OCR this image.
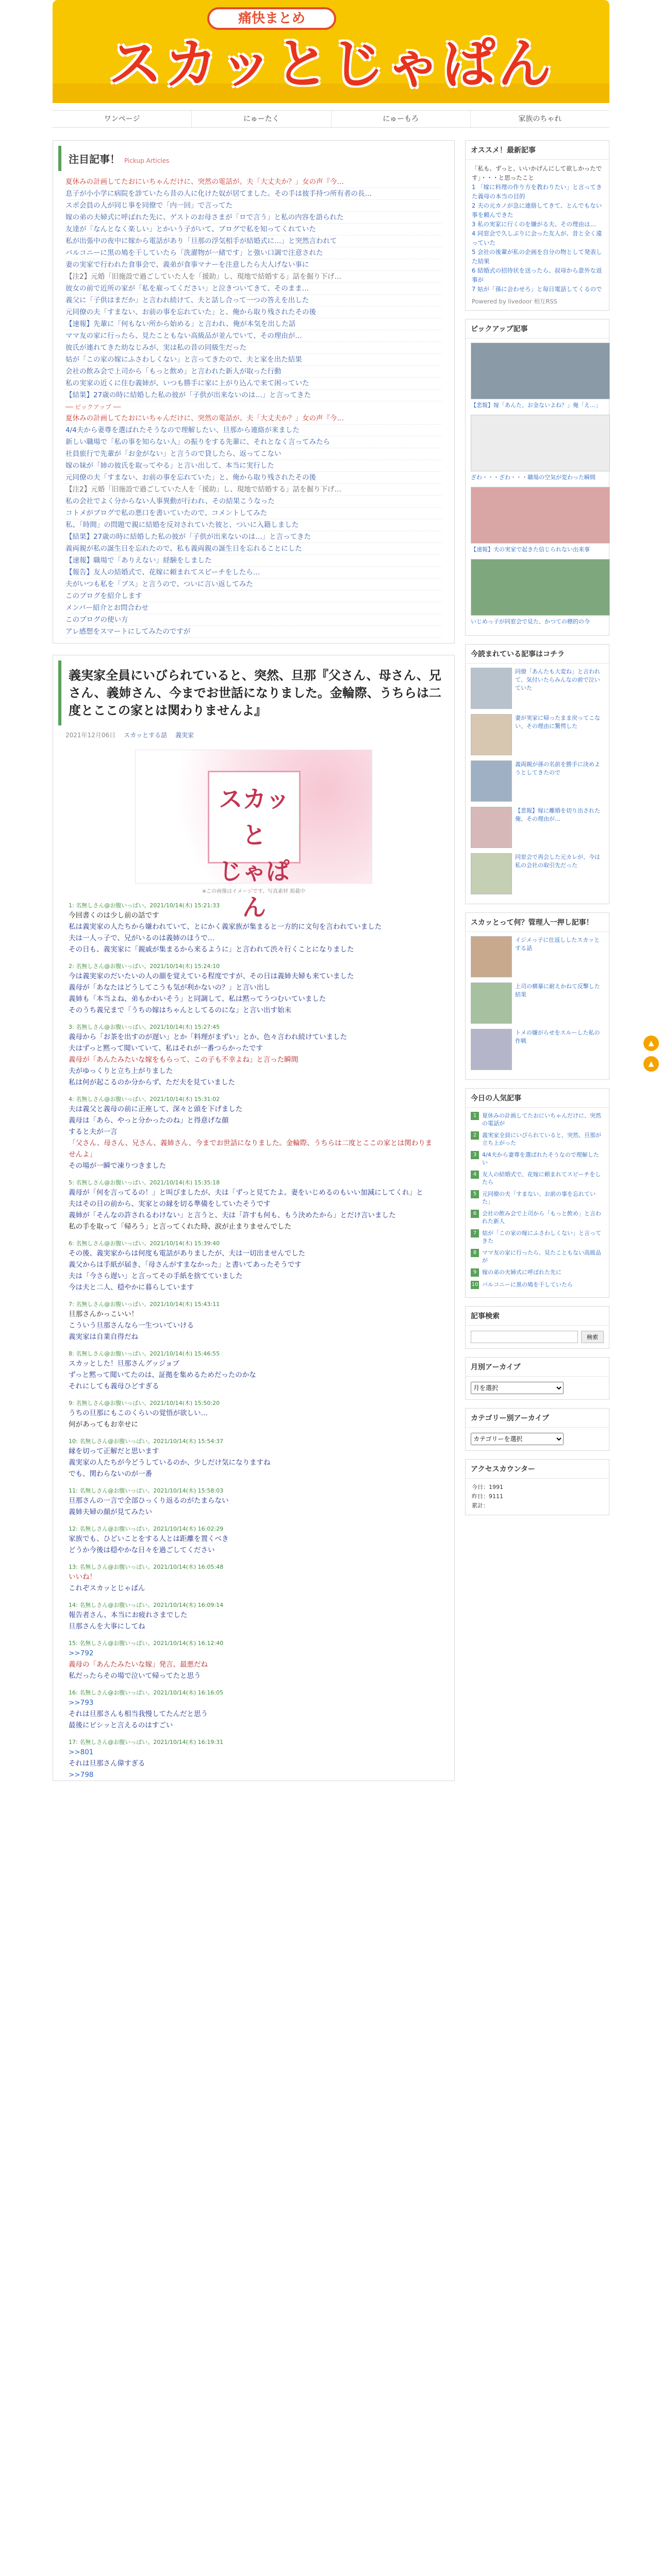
痛快まとめ
スカッとじゃぱん
ワンページ	にゅーたく	にゅーもろ	家族のちゃれ
注目記事！ Pickup Articles
夏休みの計画してたおにいちゃんだけに、突然の電話が。夫「大丈夫か？」女の声『今…
息子が小小学に病院を診ていたら昔の人に化けた奴が居てました。その手は彼手持つ所有者の長…
スポ会員の人が同じ事を同僚で「内一回」で言ってた
嫁の弟の夫婦式に呼ばれた先に、ゲストのお母さまが「ロで言う」と私の内容を語られた
友達が「なんとなく楽しい」とかいう子がいて、ブログで私を知ってくれていた
私が出張中の夜中に嫁から電話があり「旦那の浮気相手が結婚式に…」と突然言われて
バルコニーに黒の鳩を干していたら「洗濯物が一緒です」と強い口調で注意された
妻の実家で行われた食事会で、義弟が食事マナーを注意したら大人げない事に
【注2】元婚「旧施設で過ごしていた人を「援助」し、現地で結婚する」話を掘り下げ…
彼女の前で近所の家が「私を雇ってください」と泣きついてきて、そのまま…
義父に「子供はまだか」と言われ続けて、夫と話し合って一つの答えを出した
元同僚の夫「すまない、お前の事を忘れていた」と、俺から取り残されたその後
【速報】先輩に「何もない所から始める」と言われ、俺が本気を出した話
ママ友の家に行ったら、見たこともない高級品が並んでいて、その理由が…
彼氏が連れてきた幼なじみが、実は私の昔の同級生だった
姑が「この家の嫁にふさわしくない」と言ってきたので、夫と家を出た結果
会社の飲み会で上司から「もっと飲め」と言われた新人が取った行動
私の実家の近くに住む義姉が、いつも勝手に家に上がり込んで来て困っていた
【結果】27歳の時に結婚した私の彼が「子供が出来ないのは…」と言ってきた
── ピックアップ ──
夏休みの計画してたおにいちゃんだけに、突然の電話が。夫「大丈夫か？」女の声『今…
4/4夫から妻尊を選ばれたそうなので理解したい、旦那から連絡が来ました
新しい職場で「私の事を知らない人」の振りをする先輩に、それとなく言ってみたら
社員旅行で先輩が「お金がない」と言うので貸したら、返ってこない
嫁の妹が「姉の彼氏を取ってやる」と言い出して、本当に実行した
元同僚の夫「すまない、お前の事を忘れていた」と、俺から取り残されたその後
【注2】元婚「旧施設で過ごしていた人を「援助」し、現地で結婚する」話を掘り下げ…
私の会社でよく分からない人事異動が行われ、その結果こうなった
コトメがブログで私の悪口を書いていたので、コメントしてみた
私、「時間」の問題で親に結婚を反対されていた彼と、ついに入籍しました
【結果】27歳の時に結婚した私の彼が「子供が出来ないのは…」と言ってきた
義両親が私の誕生日を忘れたので、私も義両親の誕生日を忘れることにした
【速報】職場で「ありえない」経験をしました
【報告】友人の結婚式で、花嫁に頼まれてスピーチをしたら…
夫がいつも私を「ブス」と言うので、ついに言い返してみた
このブログを紹介します
メンバー紹介とお問合わせ
このブログの使い方
アレ感想をスマートにしてみたのですが
義実家全員にいびられていると、突然、旦那『父さん、母さん、兄さん、義姉さん、今までお世話になりました。金輪際、うちらは二度とここの家とは関わりませんよ』
2021年12月06日 スカッとする話 義実家
スカッと
じゃぱん
※この画像はイメージです。写真素材 掲載中
1: 名無しさん@お腹いっぱい。2021/10/14(木) 15:21:33

今回書くのは少し前の話です

私は義実家の人たちから嫌われていて、とにかく義家族が集まると一方的に文句を言われていました

夫は一人っ子で、兄がいるのは義姉のほうで…

その日も、義実家に「親戚が集まるから来るように」と言われて渋々行くことになりました

2: 名無しさん@お腹いっぱい。2021/10/14(木) 15:24:10

今は義実家のだいたいの人の顔を覚えている程度ですが、その日は義姉夫婦も来ていました

義母が「あなたはどうしてこうも気が利かないの？」と言い出し

義姉も「本当よね、弟もかわいそう」と同調して、私は黙ってうつむいていました

そのうち義兄まで「うちの嫁はちゃんとしてるのにな」と言い出す始末

3: 名無しさん@お腹いっぱい。2021/10/14(木) 15:27:45

義母から「お茶を出すのが遅い」とか「料理がまずい」とか、色々言われ続けていました

夫はずっと黙って聞いていて、私はそれが一番つらかったです

義母が「あんたみたいな嫁をもらって、この子も不幸よね」と言った瞬間

夫がゆっくりと立ち上がりました

私は何が起こるのか分からず、ただ夫を見ていました

4: 名無しさん@お腹いっぱい。2021/10/14(木) 15:31:02

夫は義父と義母の前に正座して、深々と頭を下げました

義母は「あら、やっと分かったのね」と得意げな顔

すると夫が一言

「父さん、母さん、兄さん、義姉さん、今までお世話になりました。金輪際、うちらは二度とここの家とは関わりませんよ」

その場が一瞬で凍りつきました

5: 名無しさん@お腹いっぱい。2021/10/14(木) 15:35:18

義母が「何を言ってるの！」と叫びましたが、夫は「ずっと見てたよ。妻をいじめるのもいい加減にしてくれ」と

夫はその日の前から、実家との縁を切る準備をしていたそうです

義姉が「そんなの許されるわけない」と言うと、夫は「許すも何も、もう決めたから」とだけ言いました

私の手を取って「帰ろう」と言ってくれた時、涙が止まりませんでした

6: 名無しさん@お腹いっぱい。2021/10/14(木) 15:39:40

その後、義実家からは何度も電話がありましたが、夫は一切出ませんでした

義父からは手紙が届き、「母さんがすまなかった」と書いてあったそうです

夫は「今さら遅い」と言ってその手紙を捨てていました

今は夫と二人、穏やかに暮らしています

7: 名無しさん@お腹いっぱい。2021/10/14(木) 15:43:11

旦那さんかっこいい！

こういう旦那さんなら一生ついていける

義実家は自業自得だね

8: 名無しさん@お腹いっぱい。2021/10/14(木) 15:46:55

スカッとした！旦那さんグッジョブ

ずっと黙って聞いてたのは、証拠を集めるためだったのかな

それにしても義母ひどすぎる

9: 名無しさん@お腹いっぱい。2021/10/14(木) 15:50:20

うちの旦那にもこのくらいの覚悟が欲しい…

何があってもお幸せに

10: 名無しさん@お腹いっぱい。2021/10/14(木) 15:54:37

縁を切って正解だと思います

義実家の人たちが今どうしているのか、少しだけ気になりますね

でも、関わらないのが一番

11: 名無しさん@お腹いっぱい。2021/10/14(木) 15:58:03

旦那さんの一言で全部ひっくり返るのがたまらない

義姉夫婦の顔が見てみたい

12: 名無しさん@お腹いっぱい。2021/10/14(木) 16:02:29

家族でも、ひどいことをする人とは距離を置くべき

どうか今後は穏やかな日々を過ごしてください

13: 名無しさん@お腹いっぱい。2021/10/14(木) 16:05:48

いいね！

これぞスカッとじゃぱん

14: 名無しさん@お腹いっぱい。2021/10/14(木) 16:09:14

報告者さん、本当にお疲れさまでした

旦那さんを大事にしてね

15: 名無しさん@お腹いっぱい。2021/10/14(木) 16:12:40

>>792

義母の「あんたみたいな嫁」発言、最悪だね

私だったらその場で泣いて帰ってたと思う

16: 名無しさん@お腹いっぱい。2021/10/14(木) 16:16:05

>>793

それは旦那さんも相当我慢してたんだと思う

最後にビシッと言えるのはすごい

17: 名無しさん@お腹いっぱい。2021/10/14(木) 16:19:31

>>801

それは旦那さん偉すぎる

>>798

オススメ！最新記事
「私も、ずっと、いいかげんにして欲しかったです」・・・と思ったこと
1 「嫁に料理の作り方を教わりたい」と言ってきた義母の本当の目的
2 夫の元カノが急に連絡してきて、とんでもない事を頼んできた
3 私の実家に行くのを嫌がる夫、その理由は…
4 同窓会で久しぶりに会った友人が、昔と全く違っていた
5 会社の後輩が私の企画を自分の物として発表した結果
6 結婚式の招待状を送ったら、叔母から意外な返事が
7 姑が「孫に会わせろ」と毎日電話してくるので
Powered by livedoor 相互RSS
ピックアップ記事
【悲報】嫁「あんた、お金ないよね？」俺「え…」
ざわ・・・ざわ・・・職場の空気が変わった瞬間
【速報】夫の実家で起きた信じられない出来事
いじめっ子が同窓会で見た、かつての標的の今
今読まれている記事はコチラ
同僚「あんたも大変ね」と言われて、気付いたらみんなの前で泣いていた
妻が実家に帰ったまま戻ってこない、その理由に驚愕した
義両親が孫の名前を勝手に決めようとしてきたので
【悲報】嫁に離婚を切り出された俺、その理由が…
同窓会で再会した元カレが、今は私の会社の取引先だった
スカッとって何？管理人一押し記事！
イジメっ子に仕返ししたスカッとする話
上司の横暴に耐えかねて反撃した結果
トメの嫌がらせをスルーした私の作戦
今日の人気記事
1 夏休みの計画してたおにいちゃんだけに、突然の電話が
2 義実家全員にいびられていると、突然、旦那が立ち上がった
3 4/4夫から妻尊を選ばれたそうなので理解したい
4 友人の結婚式で、花嫁に頼まれてスピーチをしたら
5 元同僚の夫「すまない、お前の事を忘れていた」
6 会社の飲み会で上司から「もっと飲め」と言われた新人
7 姑が「この家の嫁にふさわしくない」と言ってきた
8 ママ友の家に行ったら、見たこともない高級品が
9 嫁の弟の夫婦式に呼ばれた先に
10 バルコニーに黒の鳩を干していたら
記事検索
検索
月別アーカイブ
月を選択
カテゴリー別アーカイブ
カテゴリーを選択
アクセスカウンター
今日：1991
昨日：9111
累計：
▲
▲
